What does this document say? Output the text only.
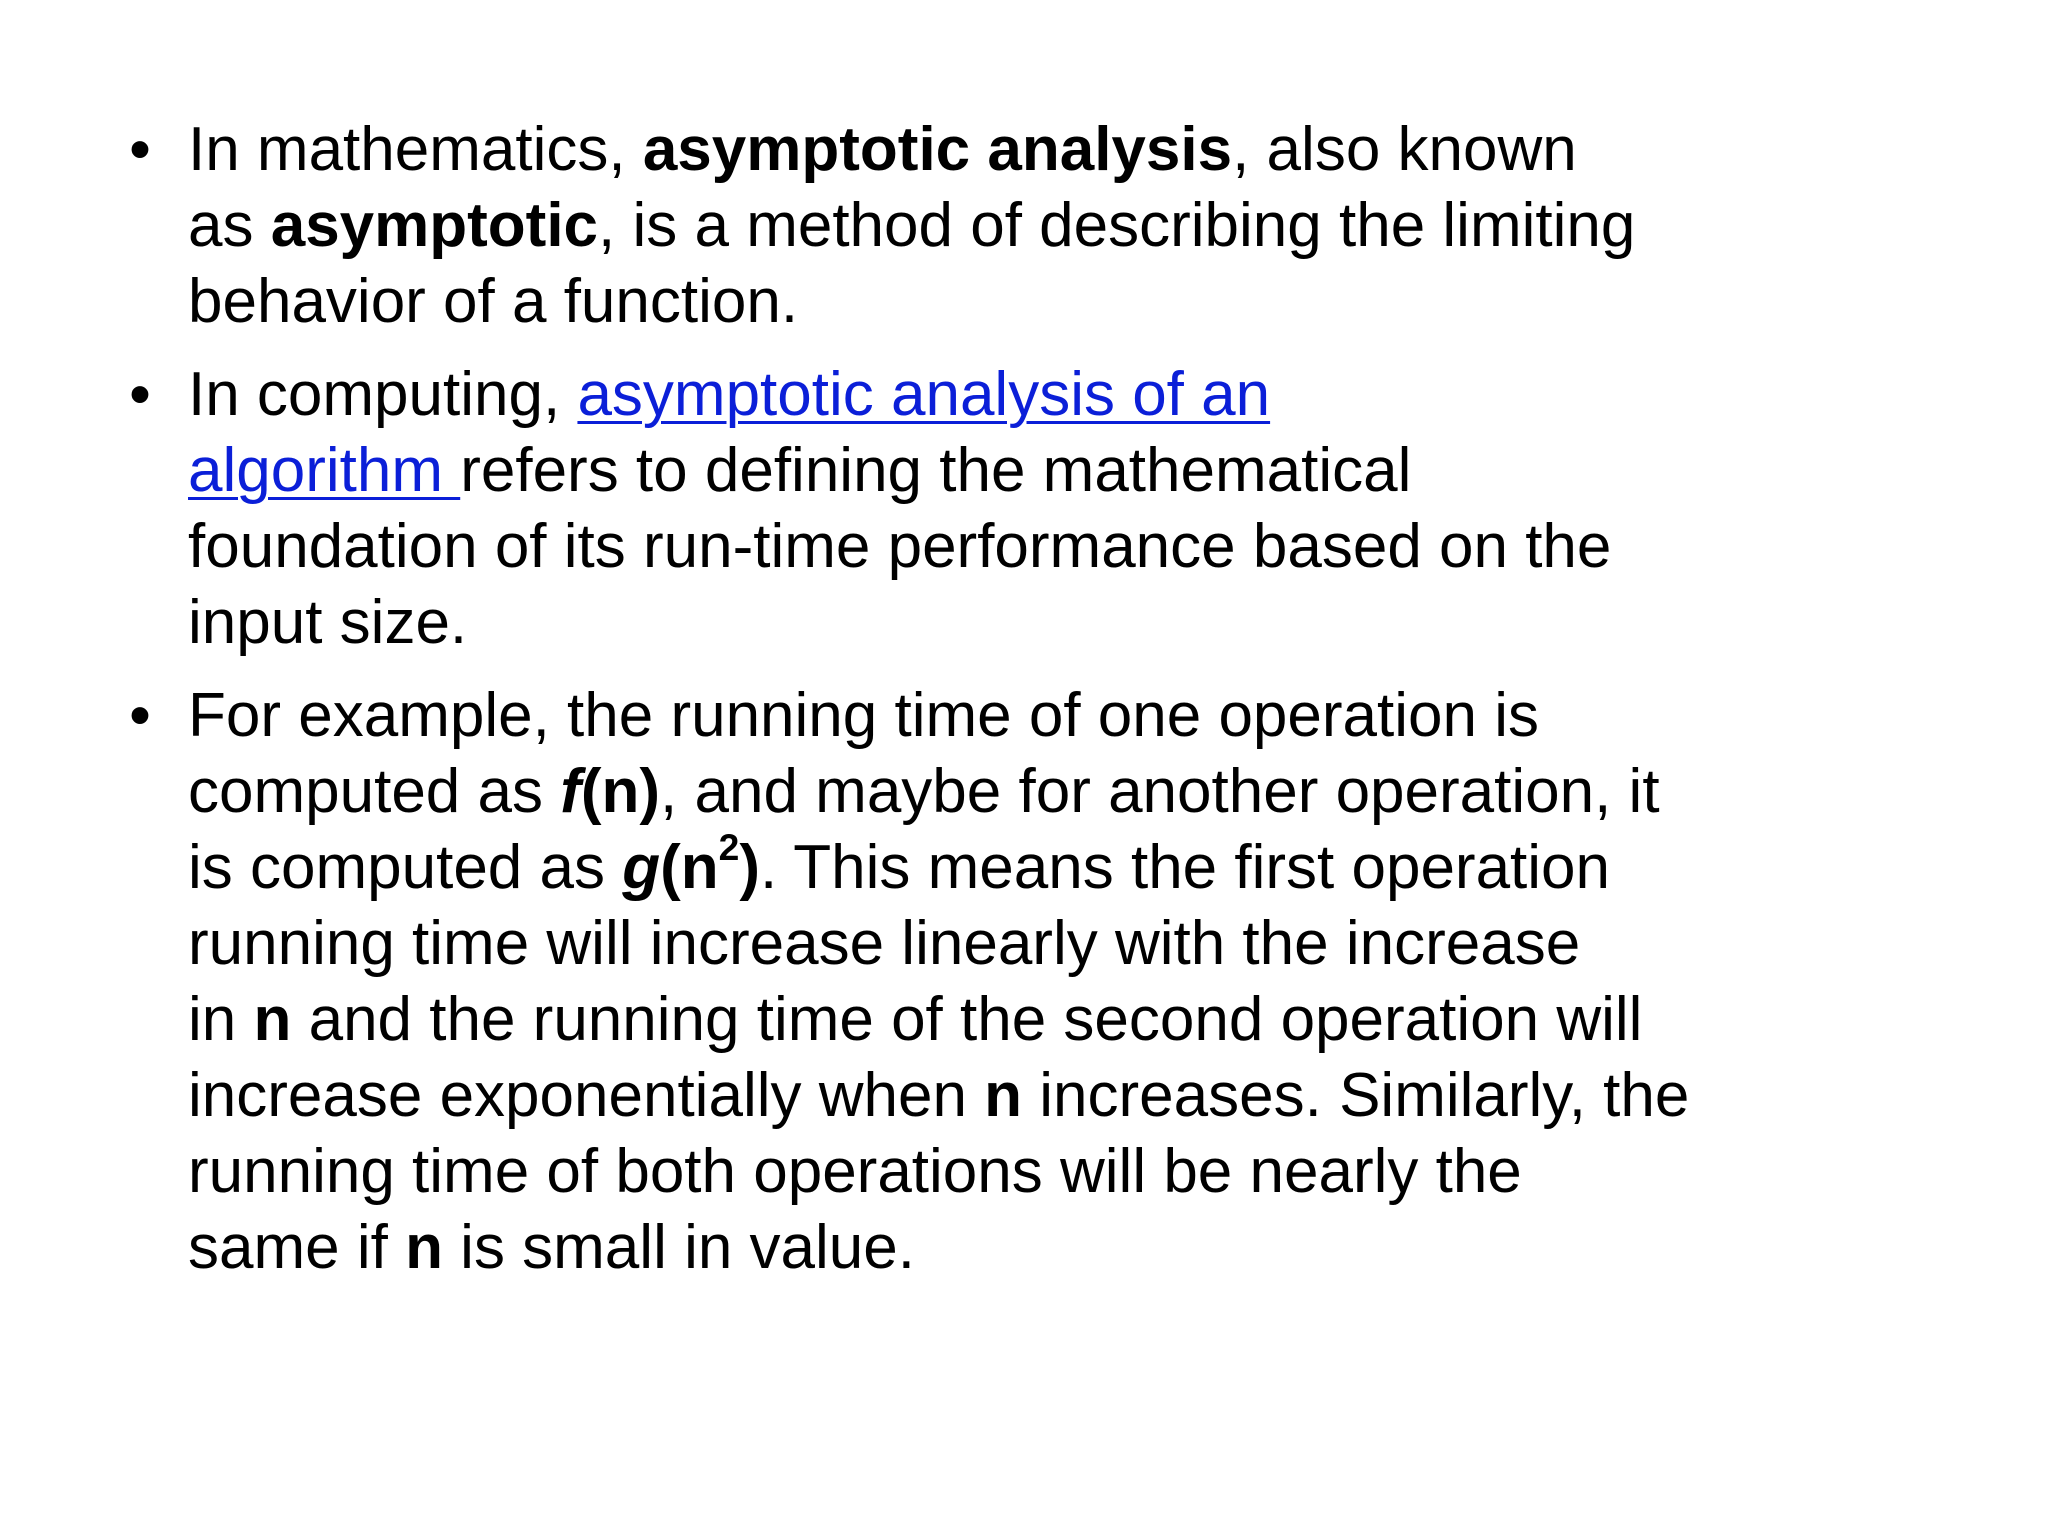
• In mathematics, asymptotic analysis, also known
as asymptotic, is a method of describing the limiting
behavior of a function.
• In computing, asymptotic analysis of an
algorithm refers to defining the mathematical
foundation of its run-time performance based on the
input size.
• For example, the running time of one operation is
computed as f(n), and maybe for another operation, it
is computed as $g(n^2)$. This means the first operation
running time will increase linearly with the increase
in n and the running time of the second operation will
increase exponentially when n increases. Similarly, the
running time of both operations will be nearly the
same if n is small in value.
